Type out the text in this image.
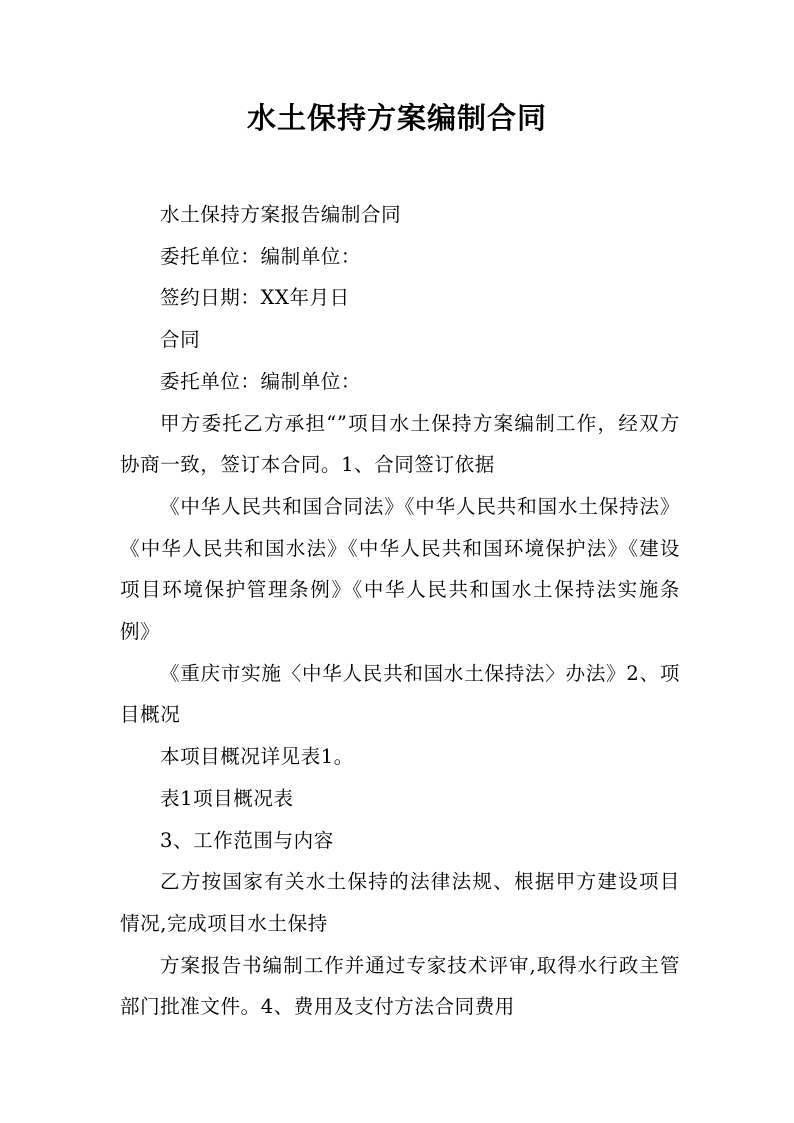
水土保持方案编制合同

水土保持方案报告编制合同

委托单位：编制单位：

签约日期：XX年月日

合同

委托单位：编制单位：

甲方委托乙方承担“”项目水土保持方案编制工作，经双方协商一致，签订本合同。1、合同签订依据

《中华人民共和国合同法》《中华人民共和国水土保持法》《中华人民共和国水法》《中华人民共和国环境保护法》《建设项目环境保护管理条例》《中华人民共和国水土保持法实施条例》

《重庆市实施〈中华人民共和国水土保持法〉办法》2、项目概况

本项目概况详见表1。

表1项目概况表

3、工作范围与内容

乙方按国家有关水土保持的法律法规、根据甲方建设项目情况,完成项目水土保持

方案报告书编制工作并通过专家技术评审,取得水行政主管部门批准文件。4、费用及支付方法合同费用
